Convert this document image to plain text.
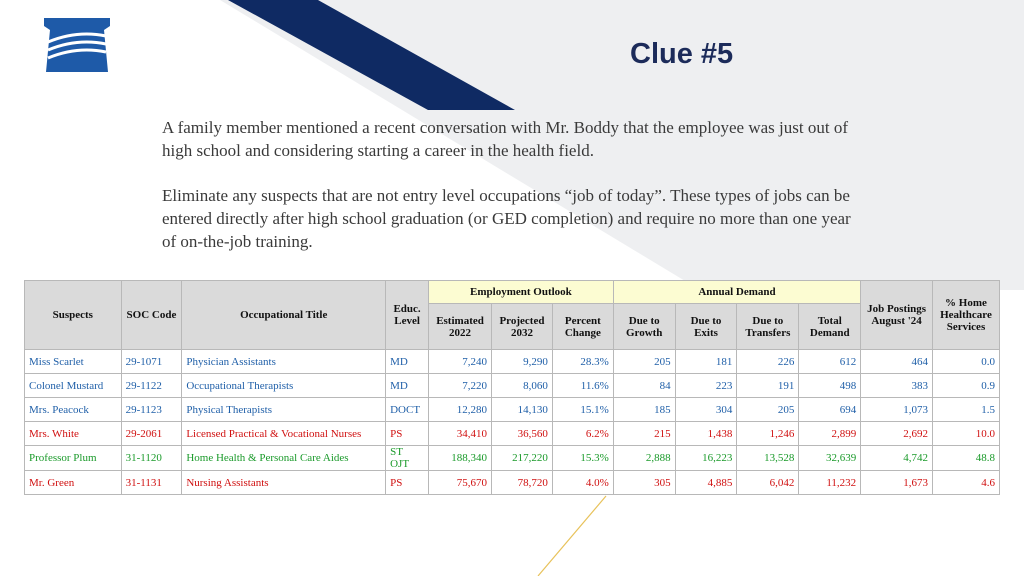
Clue #5

A family member mentioned a recent conversation with Mr. Boddy that the employee was just out of high school and considering starting a career in the health field.

Eliminate any suspects that are not entry level occupations “job of today”. These types of jobs can be entered directly after high school graduation (or GED completion) and require no more than one year of on-the-job training.

Suspects	SOC Code	Occupational Title	Educ. Level	Employment Outlook			Annual Demand				Job Postings August '24	% Home Healthcare Services
				Estimated 2022	Projected 2032	Percent Change	Due to Growth	Due to Exits	Due to Transfers	Total Demand		
Miss Scarlet	29-1071	Physician Assistants	MD	7,240	9,290	28.3%	205	181	226	612	464	0.0
Colonel Mustard	29-1122	Occupational Therapists	MD	7,220	8,060	11.6%	84	223	191	498	383	0.9
Mrs. Peacock	29-1123	Physical Therapists	DOCT	12,280	14,130	15.1%	185	304	205	694	1,073	1.5
Mrs. White	29-2061	Licensed Practical & Vocational Nurses	PS	34,410	36,560	6.2%	215	1,438	1,246	2,899	2,692	10.0
Professor Plum	31-1120	Home Health & Personal Care Aides	ST OJT	188,340	217,220	15.3%	2,888	16,223	13,528	32,639	4,742	48.8
Mr. Green	31-1131	Nursing Assistants	PS	75,670	78,720	4.0%	305	4,885	6,042	11,232	1,673	4.6
